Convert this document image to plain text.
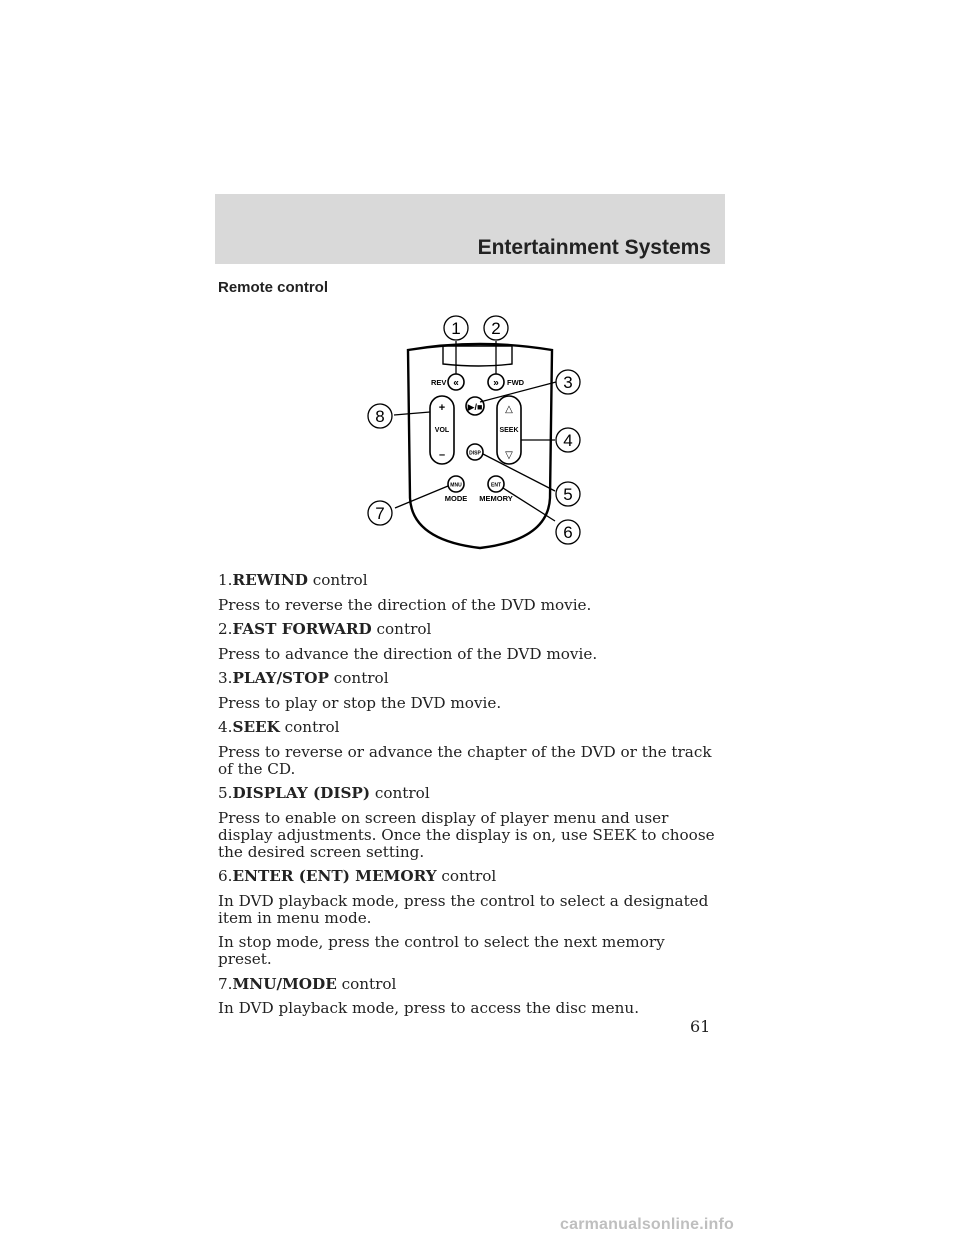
Entertainment Systems
Remote control
«
REV	» FWD
+
VOL
–
▶/■ △
SEEK
▽
DISP
MNU	ENT
MODE MEMORY
1 2
3
4
5
6
7
8

1.REWIND control

Press to reverse the direction of the DVD movie.

2.FAST FORWARD control

Press to advance the direction of the DVD movie.

3.PLAY/STOP control

Press to play or stop the DVD movie.

4.SEEK control

Press to reverse or advance the chapter of the DVD or the track of the CD.

5.DISPLAY (DISP) control

Press to enable on screen display of player menu and user display adjustments. Once the display is on, use SEEK to choose the desired screen setting.

6.ENTER (ENT) MEMORY control

In DVD playback mode, press the control to select a designated item in menu mode.

In stop mode, press the control to select the next memory preset.

7.MNU/MODE control

In DVD playback mode, press to access the disc menu.

61
carmanualsonline.info
